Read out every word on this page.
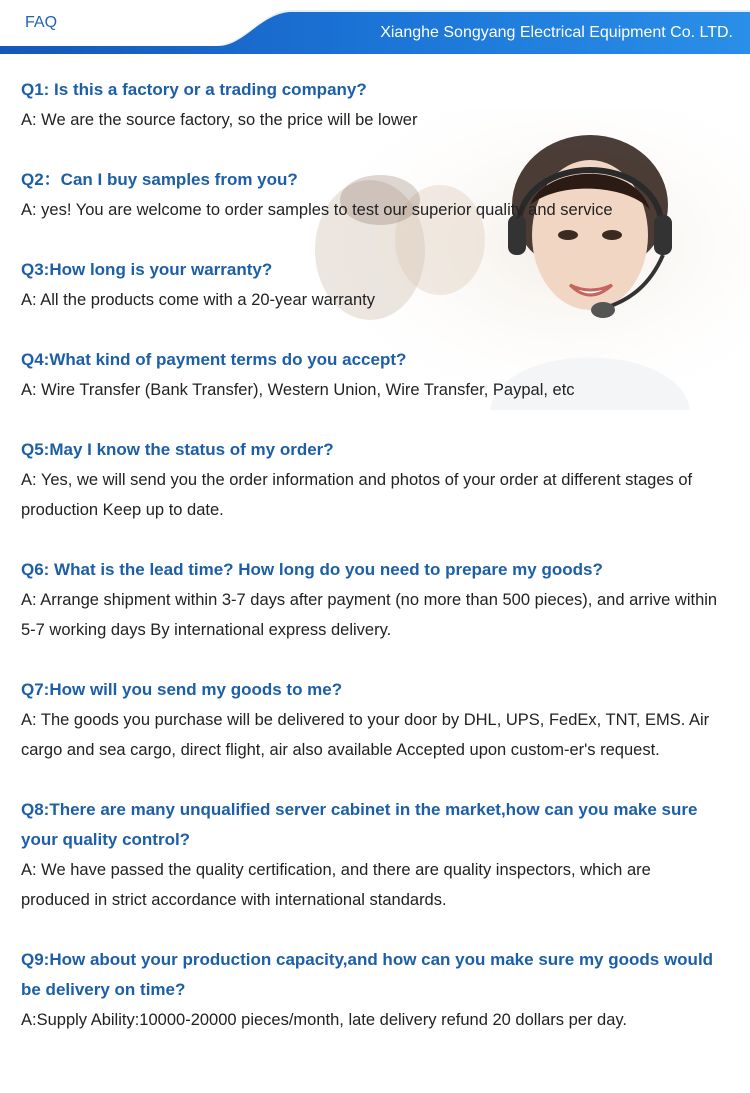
FAQ
Xianghe Songyang Electrical Equipment Co. LTD.

Q1: Is this a factory or a trading company?

A: We are the source factory, so the price will be lower

Q2：Can I buy samples from you?

A: yes! You are welcome to order samples to test our superior quality and service

Q3:How long is your warranty?

A: All the products come with a 20-year warranty

Q4:What kind of payment terms do you accept?

A: Wire Transfer (Bank Transfer), Western Union, Wire Transfer, Paypal, etc

Q5:May I know the status of my order?

A: Yes, we will send you the order information and photos of your order at different stages of production Keep up to date.

Q6: What is the lead time? How long do you need to prepare my goods?

A: Arrange shipment within 3-7 days after payment (no more than 500 pieces), and arrive within 5-7 working days By international express delivery.

Q7:How will you send my goods to me?

A: The goods you purchase will be delivered to your door by DHL, UPS, FedEx, TNT, EMS. Air cargo and sea cargo, direct flight, air also available Accepted upon custom-er's request.

Q8:There are many unqualified server cabinet in the market,how can you make sure your quality control?

A: We have passed the quality certification, and there are quality inspectors, which are produced in strict accordance with international standards.

Q9:How about your production capacity,and how can you make sure my goods would be delivery on time?

A:Supply Ability:10000-20000 pieces/month, late delivery refund 20 dollars per day.
